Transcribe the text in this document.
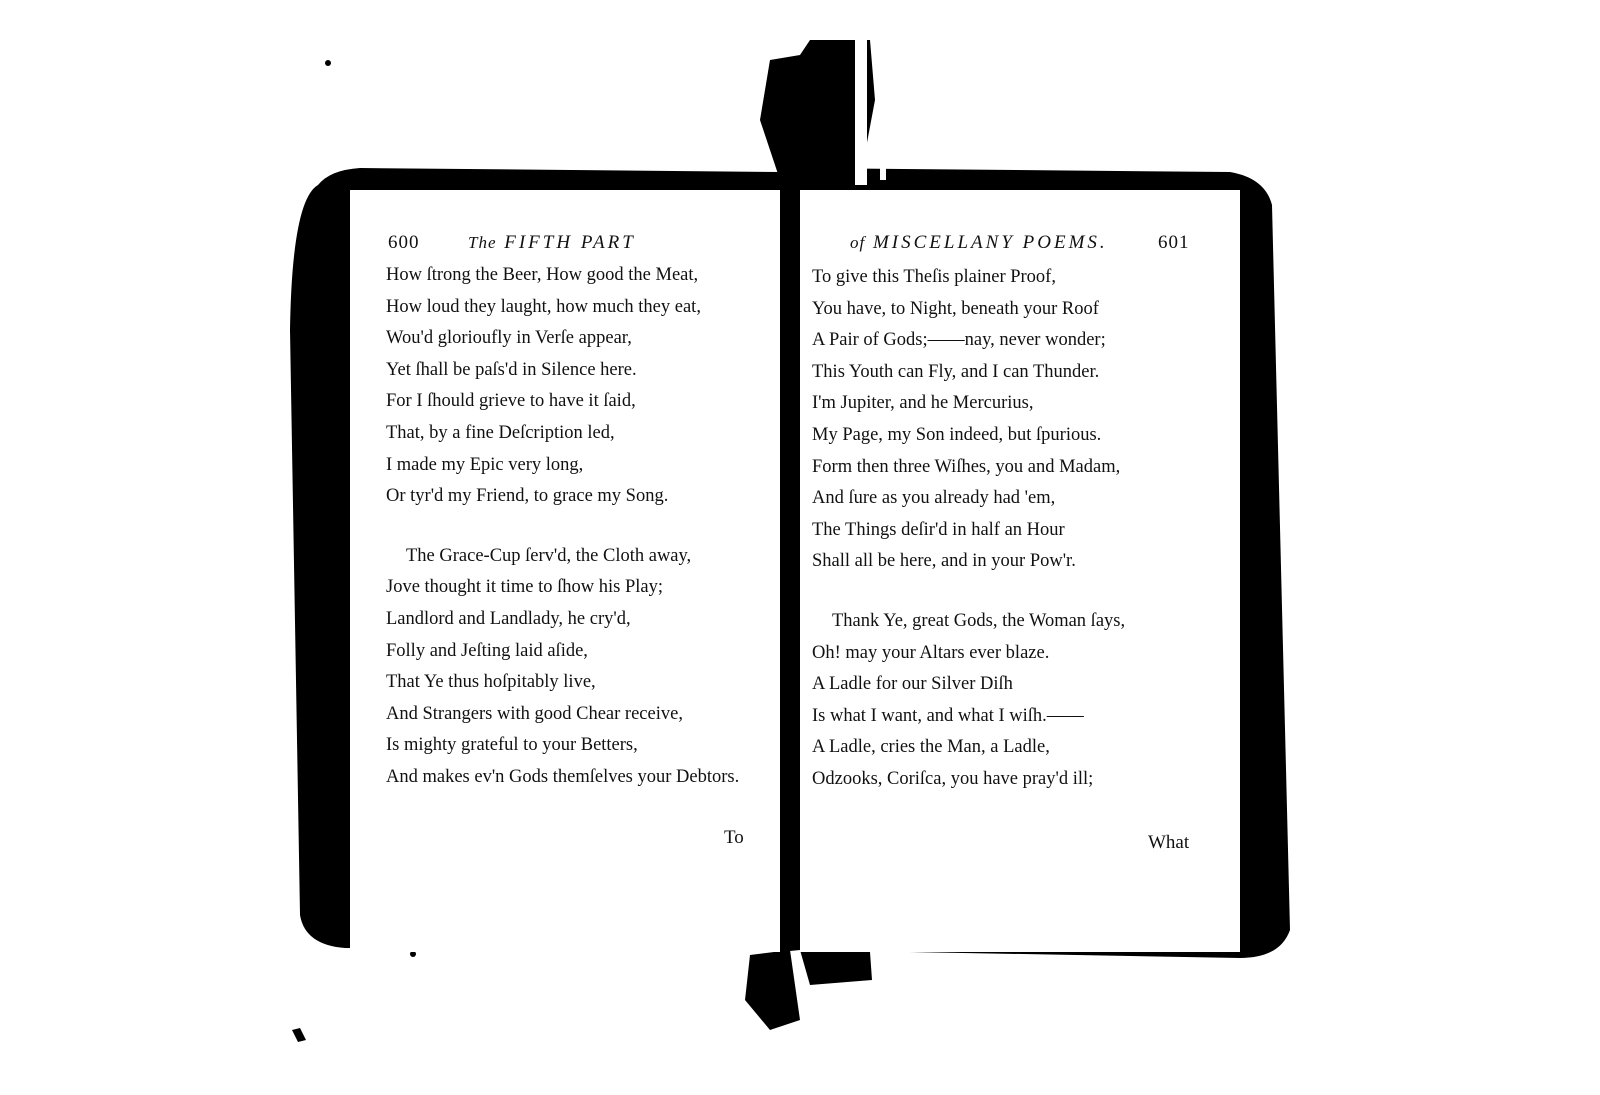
600	The FIFTH PART
How ſtrong the Beer, How good the Meat,
How loud they laught, how much they eat,
Wou'd glorioufly in Verſe appear,
Yet ſhall be paſs'd in Silence here.
For I ſhould grieve to have it ſaid,
That, by a fine Deſcription led,
I made my Epic very long,
Or tyr'd my Friend, to grace my Song.
The Grace-Cup ſerv'd, the Cloth away,
Jove thought it time to ſhow his Play;
Landlord and Landlady, he cry'd,
Folly and Jeſting laid aſide,
That Ye thus hoſpitably live,
And Strangers with good Chear receive,
Is mighty grateful to your Betters,
And makes ev'n Gods themſelves your Debtors.
To
of MISCELLANY POEMS.	601
To give this Theſis plainer Proof,
You have, to Night, beneath your Roof
A Pair of Gods;——nay, never wonder;
This Youth can Fly, and I can Thunder.
I'm Jupiter, and he Mercurius,
My Page, my Son indeed, but ſpurious.
Form then three Wiſhes, you and Madam,
And ſure as you already had 'em,
The Things deſir'd in half an Hour
Shall all be here, and in your Pow'r.
Thank Ye, great Gods, the Woman ſays,
Oh! may your Altars ever blaze.
A Ladle for our Silver Diſh
Is what I want, and what I wiſh.——
A Ladle, cries the Man, a Ladle,
Odzooks, Coriſca, you have pray'd ill;
What
